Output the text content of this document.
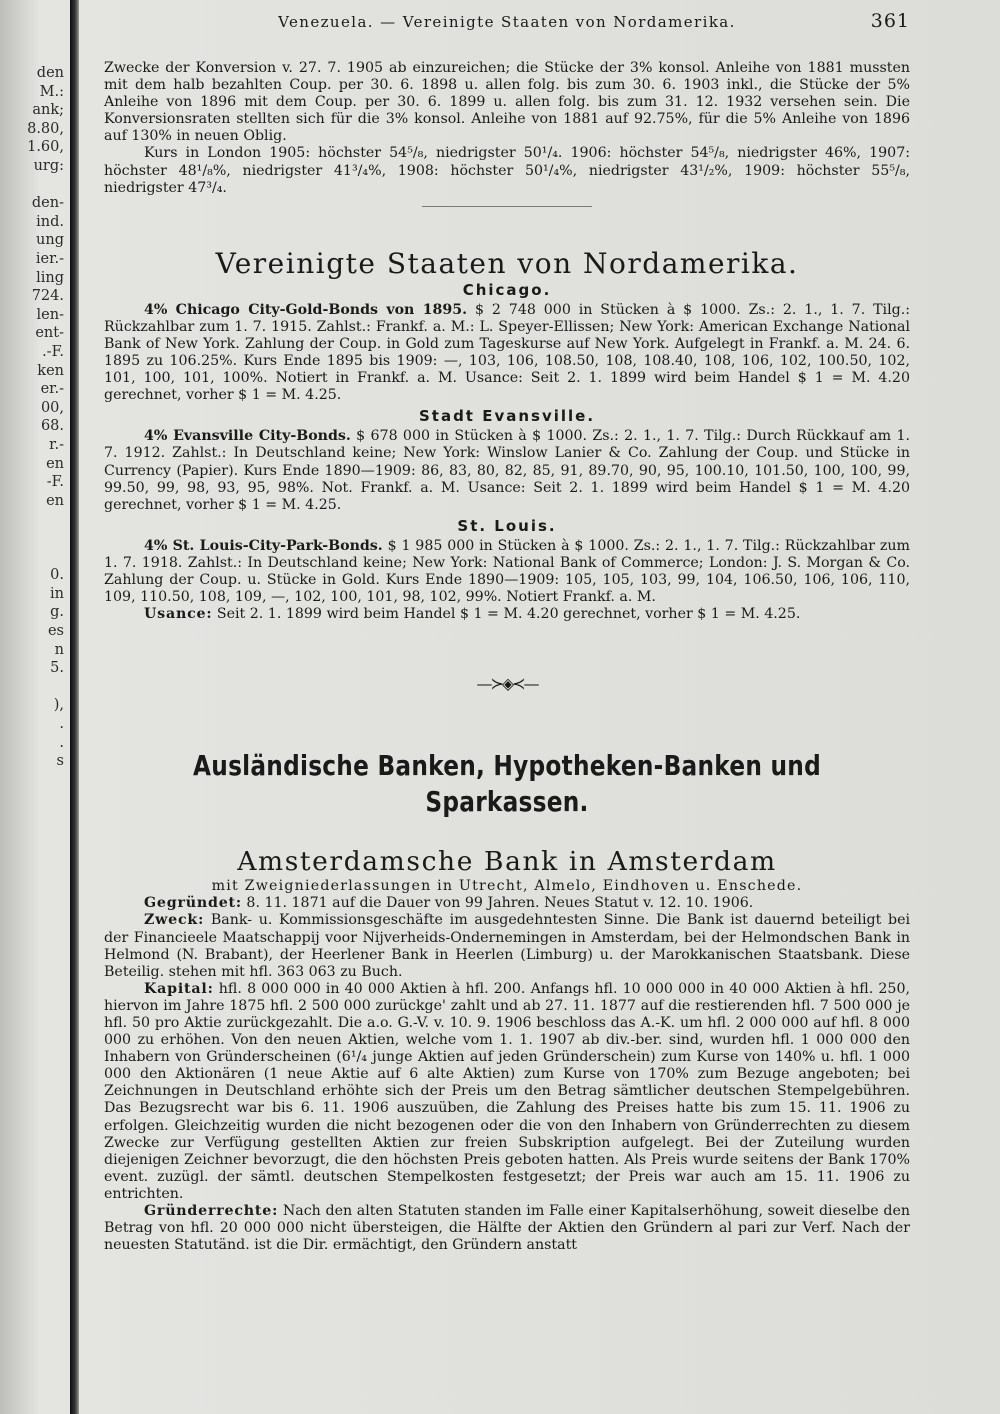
den
M.:
ank;
8.80,
1.60,
urg:
den-
ind.
ung
ier.-
ling
724.
len-
ent-
.-F.
ken
er.-
00,
68.
r.-
en
-F.
en
0.
in
g.
es
n
5.
),
.
.
s
Venezuela. — Vereinigte Staaten von Nordamerika.	361

Zwecke der Konversion v. 27. 7. 1905 ab einzureichen; die Stücke der 3% konsol. Anleihe von 1881 mussten mit dem halb bezahlten Coup. per 30. 6. 1898 u. allen folg. bis zum 30. 6. 1903 inkl., die Stücke der 5% Anleihe von 1896 mit dem Coup. per 30. 6. 1899 u. allen folg. bis zum 31. 12. 1932 versehen sein. Die Konversionsraten stellten sich für die 3% konsol. Anleihe von 1881 auf 92.75%, für die 5% Anleihe von 1896 auf 130% in neuen Oblig.

Kurs in London 1905: höchster 54⁵/₈, niedrigster 50¹/₄. 1906: höchster 54⁵/₈, niedrigster 46%, 1907: höchster 48¹/₈%, niedrigster 41³/₄%, 1908: höchster 50¹/₄%, niedrigster 43¹/₂%, 1909: höchster 55⁵/₈, niedrigster 47³/₄.

Vereinigte Staaten von Nordamerika.
Chicago.

4% Chicago City-Gold-Bonds von 1895. $ 2 748 000 in Stücken à $ 1000. Zs.: 2. 1., 1. 7. Tilg.: Rückzahlbar zum 1. 7. 1915. Zahlst.: Frankf. a. M.: L. Speyer-Ellissen; New York: American Exchange National Bank of New York. Zahlung der Coup. in Gold zum Tageskurse auf New York. Aufgelegt in Frankf. a. M. 24. 6. 1895 zu 106.25%. Kurs Ende 1895 bis 1909: —, 103, 106, 108.50, 108, 108.40, 108, 106, 102, 100.50, 102, 101, 100, 101, 100%. Notiert in Frankf. a. M. Usance: Seit 2. 1. 1899 wird beim Handel $ 1 = M. 4.20 gerechnet, vorher $ 1 = M. 4.25.

Stadt Evansville.

4% Evansville City-Bonds. $ 678 000 in Stücken à $ 1000. Zs.: 2. 1., 1. 7. Tilg.: Durch Rückkauf am 1. 7. 1912. Zahlst.: In Deutschland keine; New York: Winslow Lanier & Co. Zahlung der Coup. und Stücke in Currency (Papier). Kurs Ende 1890—1909: 86, 83, 80, 82, 85, 91, 89.70, 90, 95, 100.10, 101.50, 100, 100, 99, 99.50, 99, 98, 93, 95, 98%. Not. Frankf. a. M. Usance: Seit 2. 1. 1899 wird beim Handel $ 1 = M. 4.20 gerechnet, vorher $ 1 = M. 4.25.

St. Louis.

4% St. Louis-City-Park-Bonds. $ 1 985 000 in Stücken à $ 1000. Zs.: 2. 1., 1. 7. Tilg.: Rückzahlbar zum 1. 7. 1918. Zahlst.: In Deutschland keine; New York: National Bank of Commerce; London: J. S. Morgan & Co. Zahlung der Coup. u. Stücke in Gold. Kurs Ende 1890—1909: 105, 105, 103, 99, 104, 106.50, 106, 106, 110, 109, 110.50, 108, 109, —, 102, 100, 101, 98, 102, 99%. Notiert Frankf. a. M.

Usance: Seit 2. 1. 1899 wird beim Handel $ 1 = M. 4.20 gerechnet, vorher $ 1 = M. 4.25.

—≻◈≺—
Ausländische Banken, Hypotheken-Banken und Sparkassen.
Amsterdamsche Bank in Amsterdam

mit Zweigniederlassungen in Utrecht, Almelo, Eindhoven u. Enschede.

Gegründet: 8. 11. 1871 auf die Dauer von 99 Jahren. Neues Statut v. 12. 10. 1906.

Zweck: Bank- u. Kommissionsgeschäfte im ausgedehntesten Sinne. Die Bank ist dauernd beteiligt bei der Financieele Maatschappij voor Nijverheids-Ondernemingen in Amsterdam, bei der Helmondschen Bank in Helmond (N. Brabant), der Heerlener Bank in Heerlen (Limburg) u. der Marokkanischen Staatsbank. Diese Beteilig. stehen mit hfl. 363 063 zu Buch.

Kapital: hfl. 8 000 000 in 40 000 Aktien à hfl. 200. Anfangs hfl. 10 000 000 in 40 000 Aktien à hfl. 250, hiervon im Jahre 1875 hfl. 2 500 000 zurückge' zahlt und ab 27. 11. 1877 auf die restierenden hfl. 7 500 000 je hfl. 50 pro Aktie zurückgezahlt. Die a.o. G.-V. v. 10. 9. 1906 beschloss das A.-K. um hfl. 2 000 000 auf hfl. 8 000 000 zu erhöhen. Von den neuen Aktien, welche vom 1. 1. 1907 ab div.-ber. sind, wurden hfl. 1 000 000 den Inhabern von Gründerscheinen (6¹/₄ junge Aktien auf jeden Gründerschein) zum Kurse von 140% u. hfl. 1 000 000 den Aktionären (1 neue Aktie auf 6 alte Aktien) zum Kurse von 170% zum Bezuge angeboten; bei Zeichnungen in Deutschland erhöhte sich der Preis um den Betrag sämtlicher deutschen Stempelgebühren. Das Bezugsrecht war bis 6. 11. 1906 auszuüben, die Zahlung des Preises hatte bis zum 15. 11. 1906 zu erfolgen. Gleichzeitig wurden die nicht bezogenen oder die von den Inhabern von Gründerrechten zu diesem Zwecke zur Verfügung gestellten Aktien zur freien Subskription aufgelegt. Bei der Zuteilung wurden diejenigen Zeichner bevorzugt, die den höchsten Preis geboten hatten. Als Preis wurde seitens der Bank 170% event. zuzügl. der sämtl. deutschen Stempelkosten festgesetzt; der Preis war auch am 15. 11. 1906 zu entrichten.

Gründerrechte: Nach den alten Statuten standen im Falle einer Kapitalserhöhung, soweit dieselbe den Betrag von hfl. 20 000 000 nicht übersteigen, die Hälfte der Aktien den Gründern al pari zur Verf. Nach der neuesten Statutänd. ist die Dir. ermächtigt, den Gründern anstatt
